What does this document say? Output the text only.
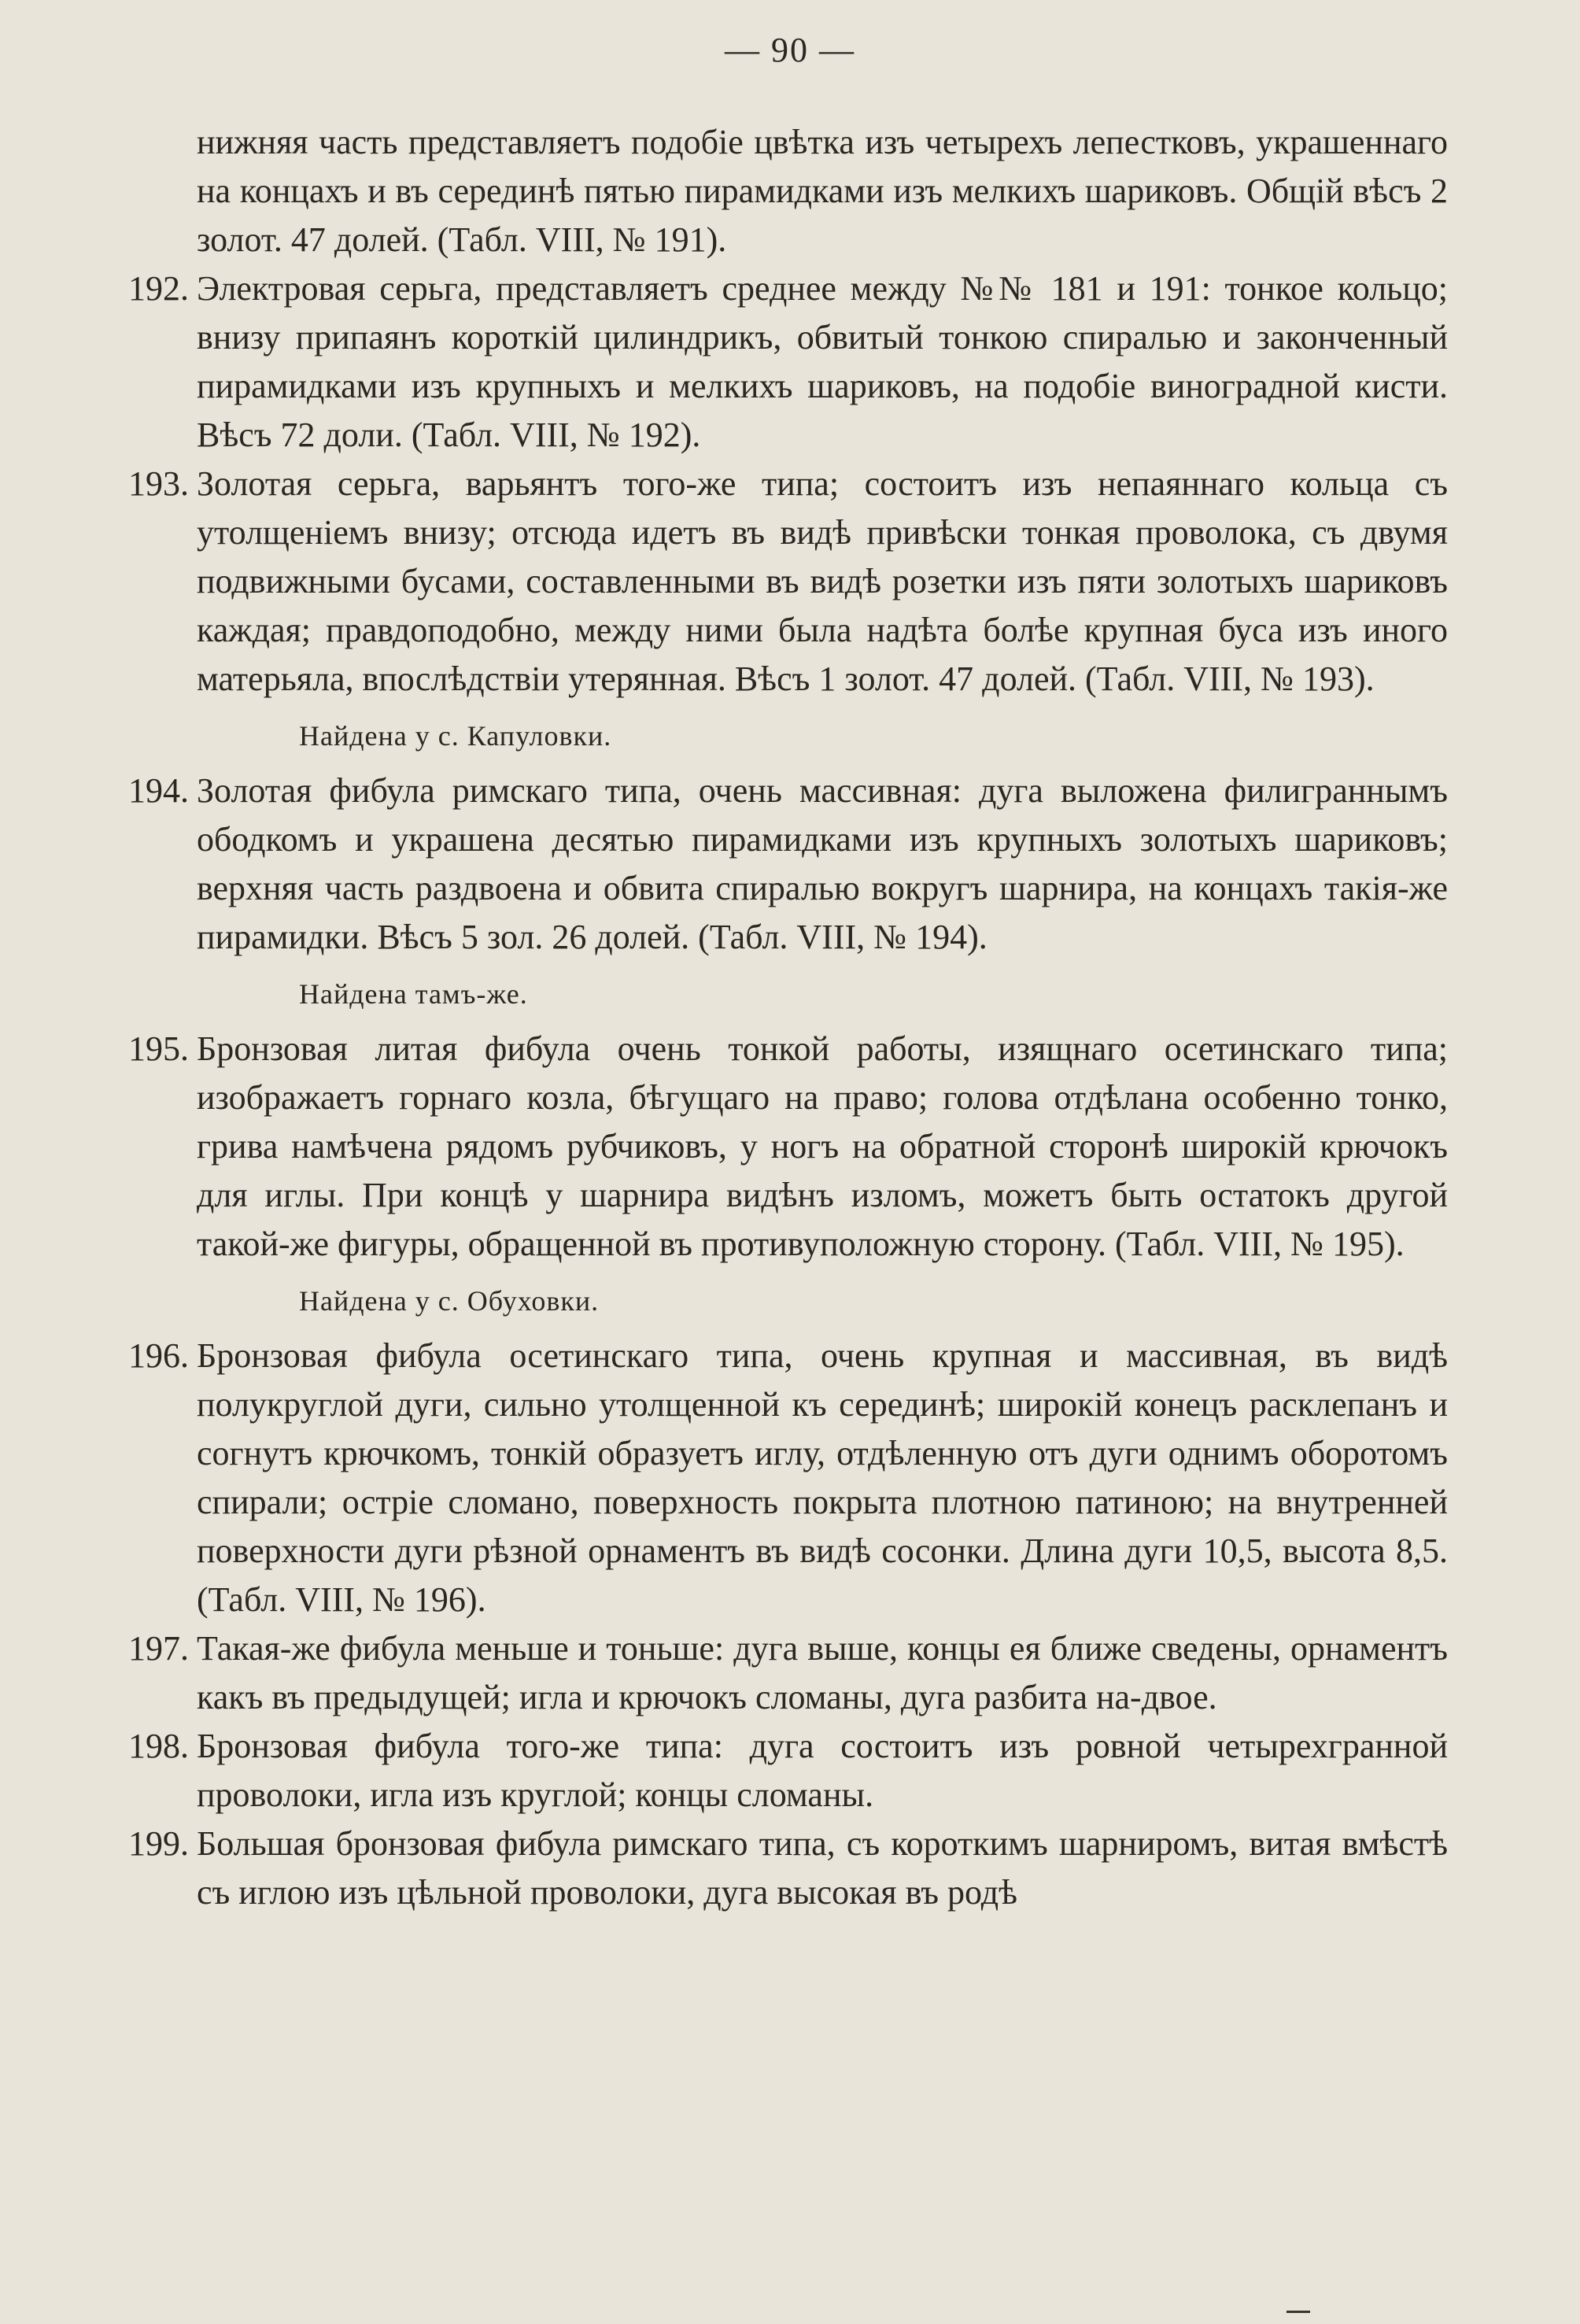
— 90 —

нижняя часть представляетъ подобіе цвѣтка изъ четырехъ лепестковъ, украшеннаго на концахъ и въ серединѣ пятью пирамидками изъ мелкихъ шариковъ. Общій вѣсъ 2 золот. 47 долей. (Табл. VIII, № 191).

192. Электровая серьга, представляетъ среднее между №№ 181 и 191: тонкое кольцо; внизу припаянъ короткій цилиндрикъ, обвитый тонкою спиралью и законченный пирамидками изъ крупныхъ и мелкихъ шариковъ, на подобіе виноградной кисти. Вѣсъ 72 доли. (Табл. VIII, № 192).

193. Золотая серьга, варьянтъ того-же типа; состоитъ изъ непаяннаго кольца съ утолщеніемъ внизу; отсюда идетъ въ видѣ привѣски тонкая проволока, съ двумя подвижными бусами, составленными въ видѣ розетки изъ пяти золотыхъ шариковъ каждая; правдоподобно, между ними была надѣта болѣе крупная буса изъ иного матерьяла, впослѣдствіи утерянная. Вѣсъ 1 золот. 47 долей. (Табл. VIII, № 193).

Найдена у с. Капуловки.

194. Золотая фибула римскаго типа, очень массивная: дуга выложена филиграннымъ ободкомъ и украшена десятью пирамидками изъ крупныхъ золотыхъ шариковъ; верхняя часть раздвоена и обвита спиралью вокругъ шарнира, на концахъ такія-же пирамидки. Вѣсъ 5 зол. 26 долей. (Табл. VIII, № 194).

Найдена тамъ-же.

195. Бронзовая литая фибула очень тонкой работы, изящнаго осетинскаго типа; изображаетъ горнаго козла, бѣгущаго на право; голова отдѣлана особенно тонко, грива намѣчена рядомъ рубчиковъ, у ногъ на обратной сторонѣ широкій крючокъ для иглы. При концѣ у шарнира видѣнъ изломъ, можетъ быть остатокъ другой такой-же фигуры, обращенной въ противуположную сторону. (Табл. VIII, № 195).

Найдена у с. Обуховки.

196. Бронзовая фибула осетинскаго типа, очень крупная и массивная, въ видѣ полукруглой дуги, сильно утолщенной къ серединѣ; широкій конецъ расклепанъ и согнутъ крючкомъ, тонкій образуетъ иглу, отдѣленную отъ дуги однимъ оборотомъ спирали; остріе сломано, поверхность покрыта плотною патиною; на внутренней поверхности дуги рѣзной орнаментъ въ видѣ сосонки. Длина дуги 10,5, высота 8,5. (Табл. VIII, № 196).

197. Такая-же фибула меньше и тоньше: дуга выше, концы ея ближе сведены, орнаментъ какъ въ предыдущей; игла и крючокъ сломаны, дуга разбита на-двое.

198. Бронзовая фибула того-же типа: дуга состоитъ изъ ровной четырехгранной проволоки, игла изъ круглой; концы сломаны.

199. Большая бронзовая фибула римскаго типа, съ короткимъ шарниромъ, витая вмѣстѣ съ иглою изъ цѣльной проволоки, дуга высокая въ родѣ
